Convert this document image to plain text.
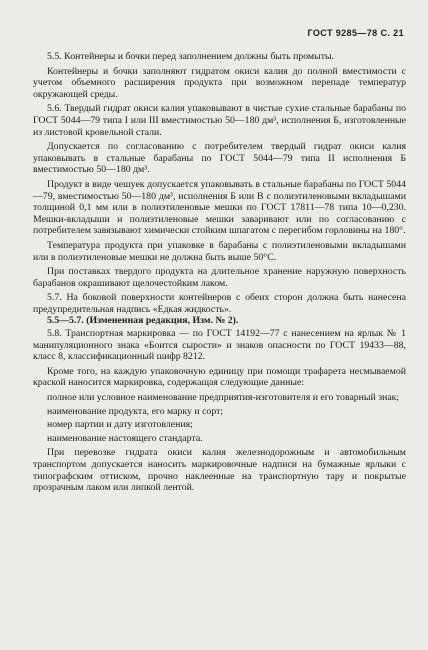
ГОСТ 9285—78 С. 21

5.5. Контейнеры и бочки перед заполнением должны быть промыты.

Контейнеры и бочки заполняют гидратом окиси калия до полной вместимости с учетом объемного расширения продукта при возможном перепаде температур окружающей среды.

5.6. Твердый гидрат окиси калия упаковывают в чистые сухие стальные барабаны по ГОСТ 5044—79 типа I или III вместимостью 50—180 дм³, исполнения Б, изготовленные из листовой кровельной стали.

Допускается по согласованию с потребителем твердый гидрат окиси калия упаковывать в стальные барабаны по ГОСТ 5044—79 типа II исполнения Б вместимостью 50—180 дм³.

Продукт в виде чешуек допускается упаковывать в стальные барабаны по ГОСТ 5044—79, вместимостью 50—180 дм³, исполнения Б или В с полиэтиленовыми вкладышами толщиной 0,1 мм или в полиэтиленовые мешки по ГОСТ 17811—78 типа 10—0,230. Мешки-вкладыши и полиэтиленовые мешки заваривают или по согласованию с потребителем завязывают химически стойким шпагатом с перегибом горловины на 180°.

Температура продукта при упаковке в барабаны с полиэтиленовыми вкладышами или в полиэтиленовые мешки не должна быть выше 50°С.

При поставках твердого продукта на длительное хранение наружную поверхность барабанов окрашивают щелочестойким лаком.

5.7. На боковой поверхности контейнеров с обеих сторон должна быть нанесена предупредительная надпись «Едкая жидкость».

5.5—5.7. (Измененная редакция, Изм. № 2).

5.8. Транспортная маркировка — по ГОСТ 14192—77 с нанесением на ярлык № 1 манипуляционного знака «Боится сырости» и знаков опасности по ГОСТ 19433—88, класс 8, классификационный шифр 8212.

Кроме того, на каждую упаковочную единицу при помощи трафарета несмываемой краской наносится маркировка, содержащая следующие данные:

полное или условное наименование предприятия-изготовителя и его товарный знак;

наименование продукта, его марку и сорт;

номер партии и дату изготовления;

наименование настоящего стандарта.

При перевозке гидрата окиси калия железнодорожным и автомобильным транспортом допускается наносить маркировочные надписи на бумажные ярлыки с типографским оттиском, прочно наклеенные на транспортную тару и покрытые прозрачным лаком или липкой лентой.
